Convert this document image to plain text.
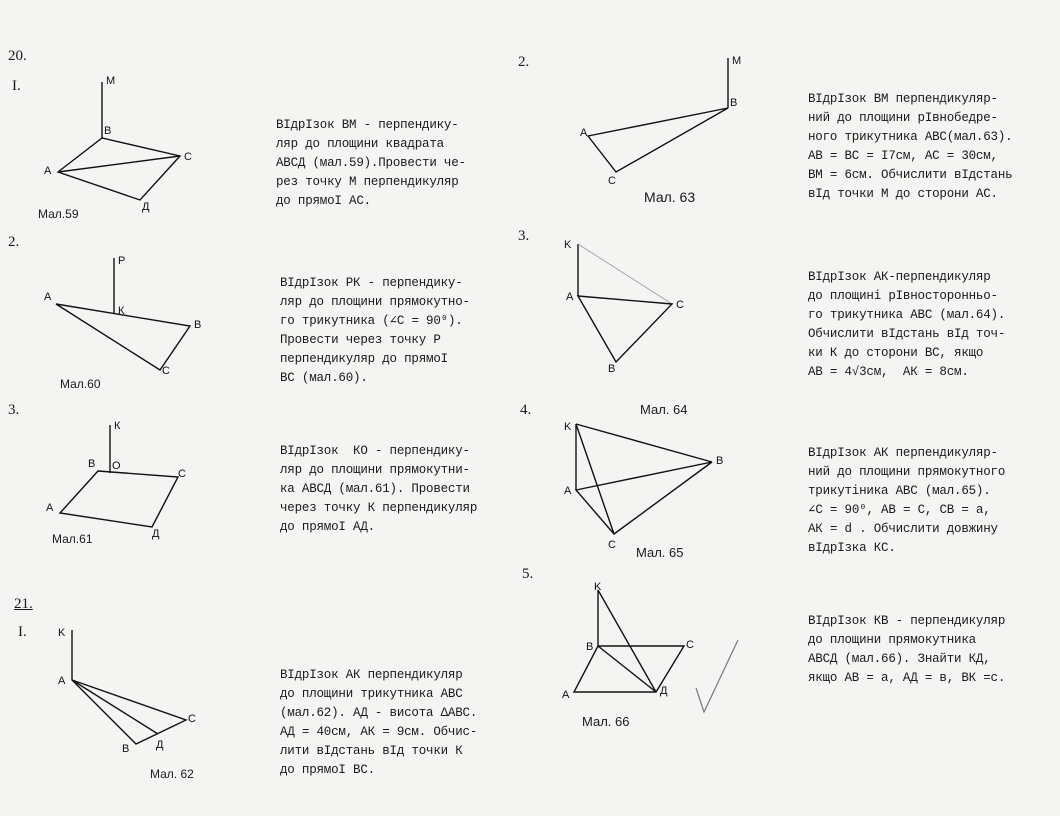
20.
21.
I.	M
В
А
С
Д
Мал.59

ВІдрІзок ВМ - перпендику-
ляр до площини квадрата
АВСД (мал.59).Провести че-
рез точку М перпендикуляр
до прямоІ АС.

2.
Р
А
К
В
С
Мал.60

ВІдрІзок РК - перпендику-
ляр до площини прямокутно-
го трикутника (∠С = 90⁰).
Провести через точку Р
перпендикуляр до прямоІ
ВС (мал.60).

3.
К
В О
С
А
Д
Мал.61

ВІдрІзок  КО - перпендику-
ляр до площини прямокутни-
ка АВСД (мал.61). Провести
через точку К перпендикуляр
до прямоІ АД.

I.	K
A
C
B Д
Мал. 62

ВІдрІзок АК перпендикуляр
до площини трикутника АВС
(мал.62). АД - висота ΔАВС.
АД = 40см, АК = 9см. Обчис-
лити вІдстань вІд точки К
до прямоІ ВС.

2.	M
B
A
C
Мал. 63

ВІдрІзок ВМ перпендикуляр-
ний до площини рІвнобедре-
ного трикутника АВС(мал.63).
АВ = ВС = І7см, АС = 30см,
ВМ = 6см. Обчислити вІдстань
вІд точки М до сторони АС.

3.
K
A
C
B
Мал. 64

ВІдрІзок АК-перпендикуляр
до площині рІвносторонньо-
го трикутника АВС (мал.64).
Обчислити вІдстань вІд точ-
ки К до сторони ВС, якщо
АВ = 4√3см,  АК = 8см.

4.
K
B
A
C Мал. 65

ВІдрІзок АК перпендикуляр-
ний до площини прямокутного
трикутіника АВС (мал.65).
∠С = 90⁰, АВ = С, СВ = а,
АК = d . Обчислити довжину
вІдрІзка КС.

5.
K
B	C
A	Д
Мал. 66

ВІдрІзок КВ - перпендикуляр
до площини прямокутника
АВСД (мал.66). Знайти КД,
якщо АВ = а, АД = в, ВК =с.
